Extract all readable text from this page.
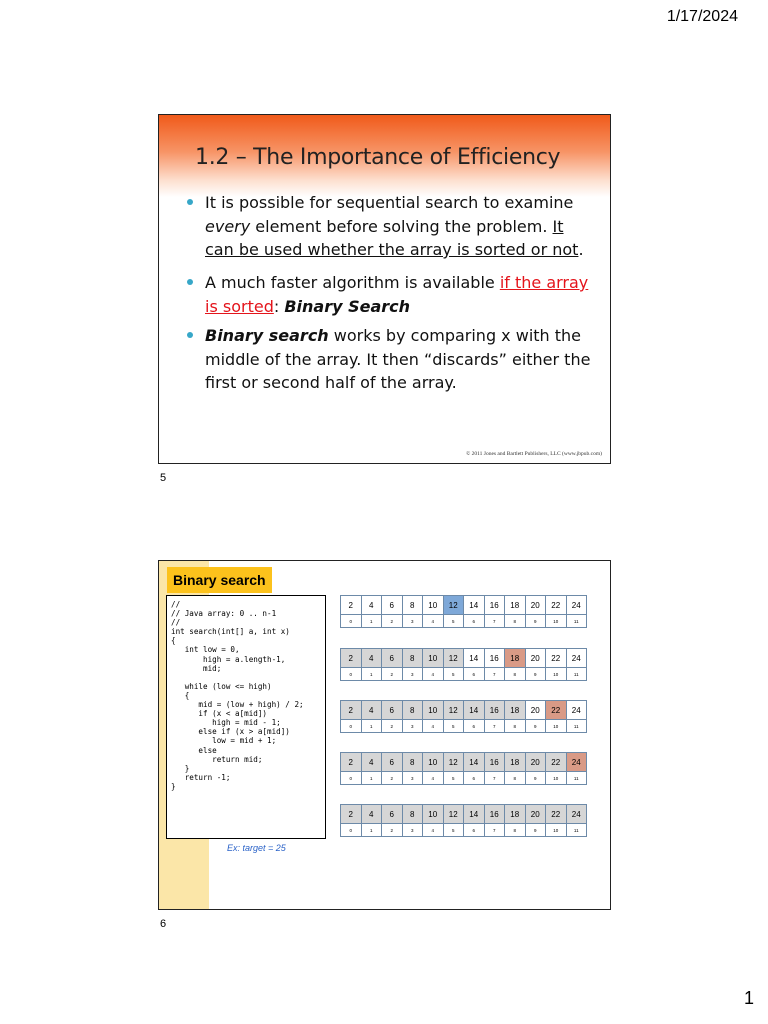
1/17/2024
1.2 – The Importance of Efficiency
It is possible for sequential search to examine every element before solving the problem. It can be used whether the array is sorted or not.
A much faster algorithm is available if the array is sorted: Binary Search
Binary search works by comparing x with the middle of the array. It then “discards” either the first or second half of the array.
© 2011 Jones and Bartlett Publishers, LLC (www.jbpub.com)
5
Binary search
//
// Java array: 0 .. n-1
//
int search(int[] a, int x)
{
int low = 0,
high = a.length-1,
mid;

while (low <= high)
{
mid = (low + high) / 2;
if (x < a[mid])
high = mid - 1;
else if (x > a[mid])
low = mid + 1;
else
return mid;
}
return -1;
}
Ex: target = 25
2	4	6	8	10	12	14	16	18	20	22	24
0	1	2	3	4	5	6	7	8	9	10	11
2	4	6	8	10	12	14	16	18	20	22	24
0	1	2	3	4	5	6	7	8	9	10	11
2	4	6	8	10	12	14	16	18	20	22	24
0	1	2	3	4	5	6	7	8	9	10	11
2	4	6	8	10	12	14	16	18	20	22	24
0	1	2	3	4	5	6	7	8	9	10	11
2	4	6	8	10	12	14	16	18	20	22	24
0	1	2	3	4	5	6	7	8	9	10	11
6
1
